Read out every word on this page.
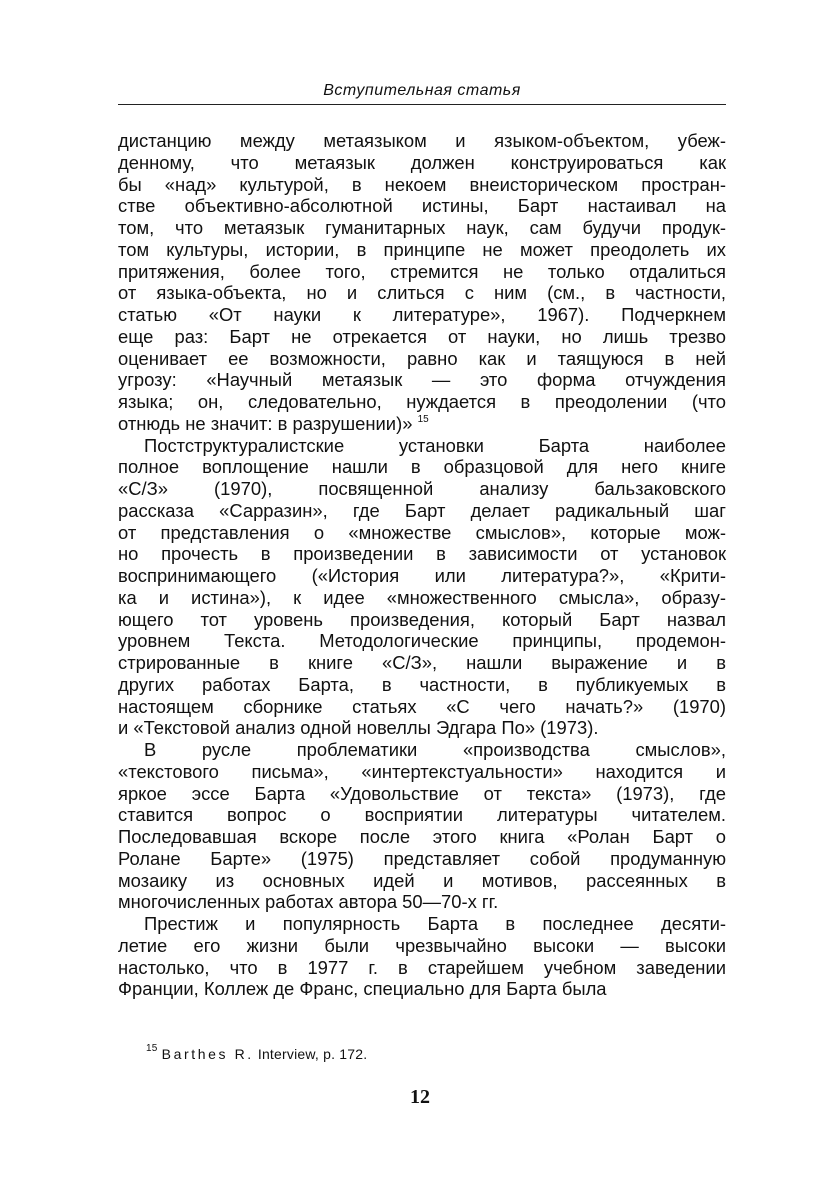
Вступительная статья
дистанцию между метаязыком и языком-объектом, убеж-
денному, что метаязык должен конструироваться как
бы «над» культурой, в некоем внеисторическом простран-
стве объективно-абсолютной истины, Барт настаивал на
том, что метаязык гуманитарных наук, сам будучи продук-
том культуры, истории, в принципе не может преодолеть их
притяжения, более того, стремится не только отдалиться
от языка-объекта, но и слиться с ним (см., в частности,
статью «От науки к литературе», 1967). Подчеркнем
еще раз: Барт не отрекается от науки, но лишь трезво
оценивает ее возможности, равно как и таящуюся в ней
угрозу: «Научный метаязык — это форма отчуждения
языка; он, следовательно, нуждается в преодолении (что
отнюдь не значит: в разрушении)» $^{15}$
Постструктуралистские установки Барта наиболее
полное воплощение нашли в образцовой для него книге
«С/З» (1970), посвященной анализу бальзаковского
рассказа «Сарразин», где Барт делает радикальный шаг
от представления о «множестве смыслов», которые мож-
но прочесть в произведении в зависимости от установок
воспринимающего («История или литература?», «Крити-
ка и истина»), к идее «множественного смысла», образу-
ющего тот уровень произведения, который Барт назвал
уровнем Текста. Методологические принципы, продемон-
стрированные в книге «С/З», нашли выражение и в
других работах Барта, в частности, в публикуемых в
настоящем сборнике статьях «С чего начать?» (1970)
и «Текстовой анализ одной новеллы Эдгара По» (1973).
В русле проблематики «производства смыслов»,
«текстового письма», «интертекстуальности» находится и
яркое эссе Барта «Удовольствие от текста» (1973), где
ставится вопрос о восприятии литературы читателем.
Последовавшая вскоре после этого книга «Ролан Барт о
Ролане Барте» (1975) представляет собой продуманную
мозаику из основных идей и мотивов, рассеянных в
многочисленных работах автора 50—70-х гг.
Престиж и популярность Барта в последнее десяти-
летие его жизни были чрезвычайно высоки — высоки
настолько, что в 1977 г. в старейшем учебном заведении
Франции, Коллеж де Франс, специально для Барта была
$^{15}$ Barthes R. Interview, p. 172.
12
